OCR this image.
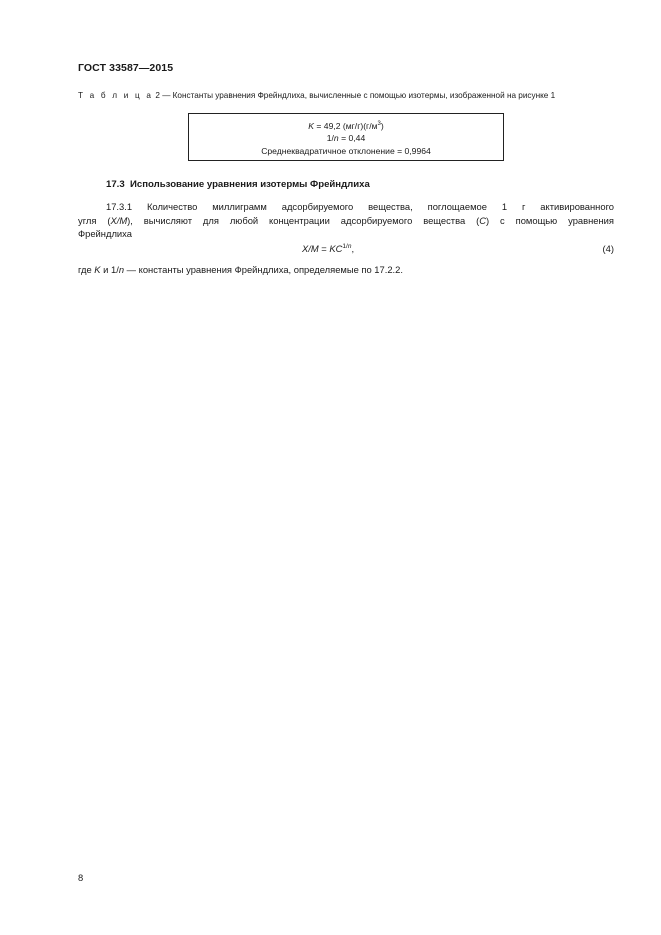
ГОСТ 33587—2015
Т а б л и ц а 2 — Константы уравнения Фрейндлиха, вычисленные с помощью изотермы, изображенной на рисунке 1
K = 49,2 $(мг/г)(г/м^3)$
1/n = 0,44
Среднеквадратичное отклонение = 0,9964
17.3 Использование уравнения изотермы Фрейндлиха
17.3.1 Количество миллиграмм адсорбируемого вещества, поглощаемое 1 г активированного
угля (X/M), вычисляют для любой концентрации адсорбируемого вещества (C) с помощью уравнения
Фрейндлиха
$X/M = KC^{1/n}$,	(4)
где K и 1/n — константы уравнения Фрейндлиха, определяемые по 17.2.2.
8
